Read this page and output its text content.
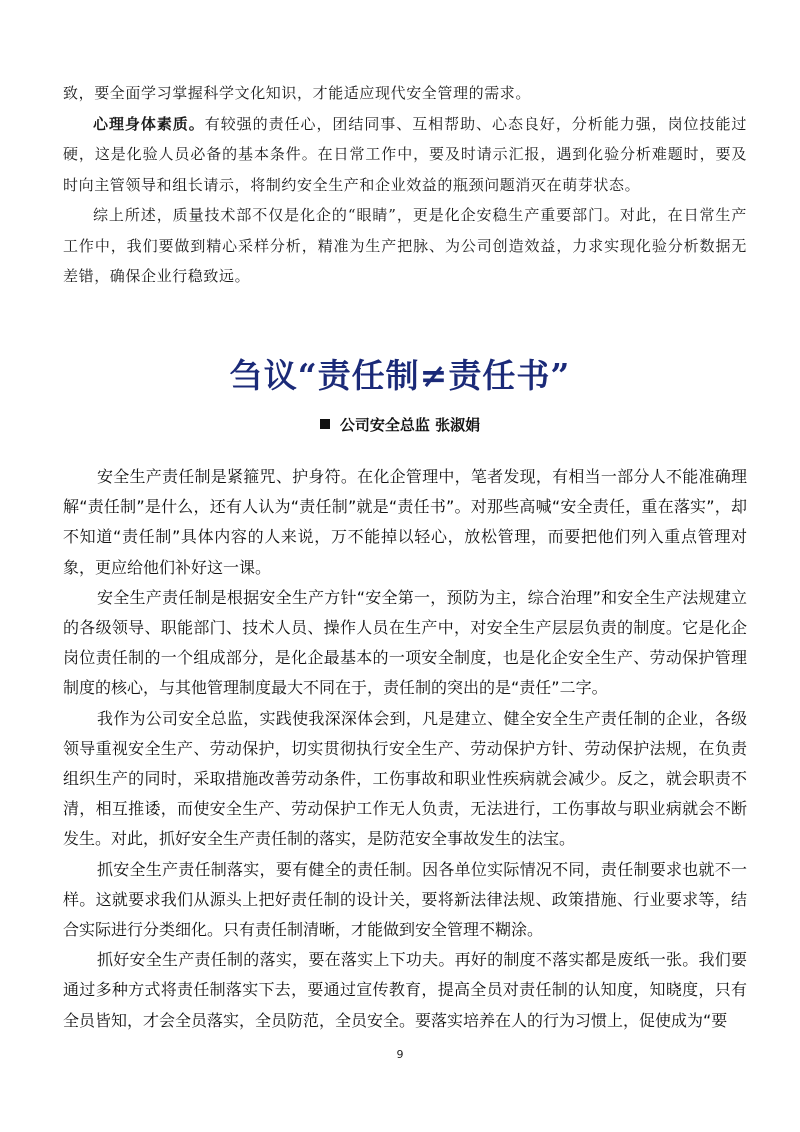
致，要全面学习掌握科学文化知识，才能适应现代安全管理的需求。

心理身体素质。有较强的责任心，团结同事、互相帮助、心态良好，分析能力强，岗位技能过硬，这是化验人员必备的基本条件。在日常工作中，要及时请示汇报，遇到化验分析难题时，要及时向主管领导和组长请示，将制约安全生产和企业效益的瓶颈问题消灭在萌芽状态。

综上所述，质量技术部不仅是化企的“眼睛”，更是化企安稳生产重要部门。对此，在日常生产工作中，我们要做到精心采样分析，精准为生产把脉、为公司创造效益，力求实现化验分析数据无差错，确保企业行稳致远。

刍议“责任制≠责任书”
公司安全总监 张淑娟

安全生产责任制是紧箍咒、护身符。在化企管理中，笔者发现，有相当一部分人不能准确理解“责任制”是什么，还有人认为“责任制”就是“责任书”。对那些高喊“安全责任，重在落实”，却不知道“责任制”具体内容的人来说，万不能掉以轻心，放松管理，而要把他们列入重点管理对象，更应给他们补好这一课。

安全生产责任制是根据安全生产方针“安全第一，预防为主，综合治理”和安全生产法规建立的各级领导、职能部门、技术人员、操作人员在生产中，对安全生产层层负责的制度。它是化企岗位责任制的一个组成部分，是化企最基本的一项安全制度，也是化企安全生产、劳动保护管理制度的核心，与其他管理制度最大不同在于，责任制的突出的是“责任”二字。

我作为公司安全总监，实践使我深深体会到，凡是建立、健全安全生产责任制的企业，各级领导重视安全生产、劳动保护，切实贯彻执行安全生产、劳动保护方针、劳动保护法规，在负责组织生产的同时，采取措施改善劳动条件，工伤事故和职业性疾病就会减少。反之，就会职责不清，相互推诿，而使安全生产、劳动保护工作无人负责，无法进行，工伤事故与职业病就会不断发生。对此，抓好安全生产责任制的落实，是防范安全事故发生的法宝。

抓安全生产责任制落实，要有健全的责任制。因各单位实际情况不同，责任制要求也就不一样。这就要求我们从源头上把好责任制的设计关，要将新法律法规、政策措施、行业要求等，结合实际进行分类细化。只有责任制清晰，才能做到安全管理不糊涂。

抓好安全生产责任制的落实，要在落实上下功夫。再好的制度不落实都是废纸一张。我们要通过多种方式将责任制落实下去，要通过宣传教育，提高全员对责任制的认知度，知晓度，只有全员皆知，才会全员落实，全员防范，全员安全。要落实培养在人的行为习惯上，促使成为“要

9
